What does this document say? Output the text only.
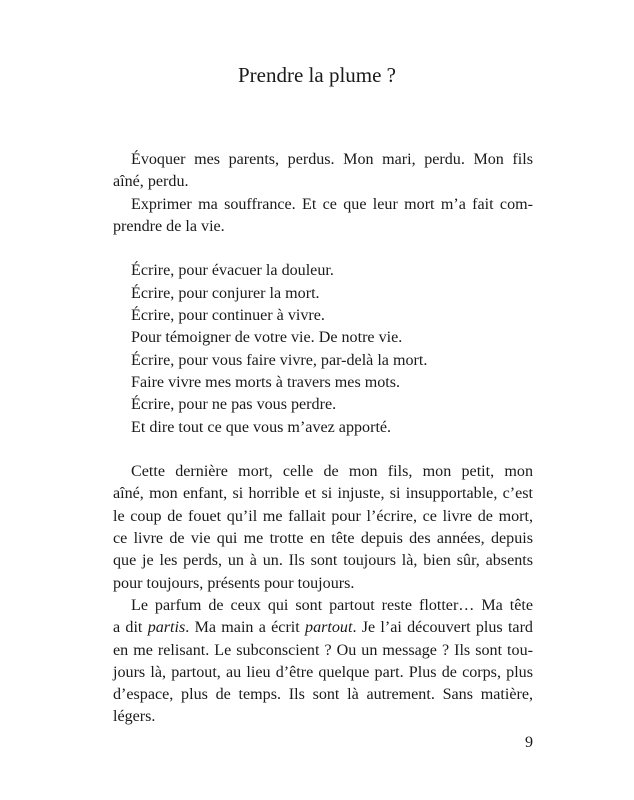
Prendre la plume ?

Évoquer mes parents, perdus. Mon mari, perdu. Mon fils
aîné, perdu.

Exprimer ma souffrance. Et ce que leur mort m’a fait com-
prendre de la vie.

Écrire, pour évacuer la douleur.
Écrire, pour conjurer la mort.
Écrire, pour continuer à vivre.
Pour témoigner de votre vie. De notre vie.
Écrire, pour vous faire vivre, par-delà la mort.
Faire vivre mes morts à travers mes mots.
Écrire, pour ne pas vous perdre.
Et dire tout ce que vous m’avez apporté.

Cette dernière mort, celle de mon fils, mon petit, mon
aîné, mon enfant, si horrible et si injuste, si insupportable, c’est
le coup de fouet qu’il me fallait pour l’écrire, ce livre de mort,
ce livre de vie qui me trotte en tête depuis des années, depuis
que je les perds, un à un. Ils sont toujours là, bien sûr, absents
pour toujours, présents pour toujours.

Le parfum de ceux qui sont partout reste flotter… Ma tête
a dit partis. Ma main a écrit partout. Je l’ai découvert plus tard
en me relisant. Le subconscient ? Ou un message ? Ils sont tou-
jours là, partout, au lieu d’être quelque part. Plus de corps, plus
d’espace, plus de temps. Ils sont là autrement. Sans matière,
légers.

9
